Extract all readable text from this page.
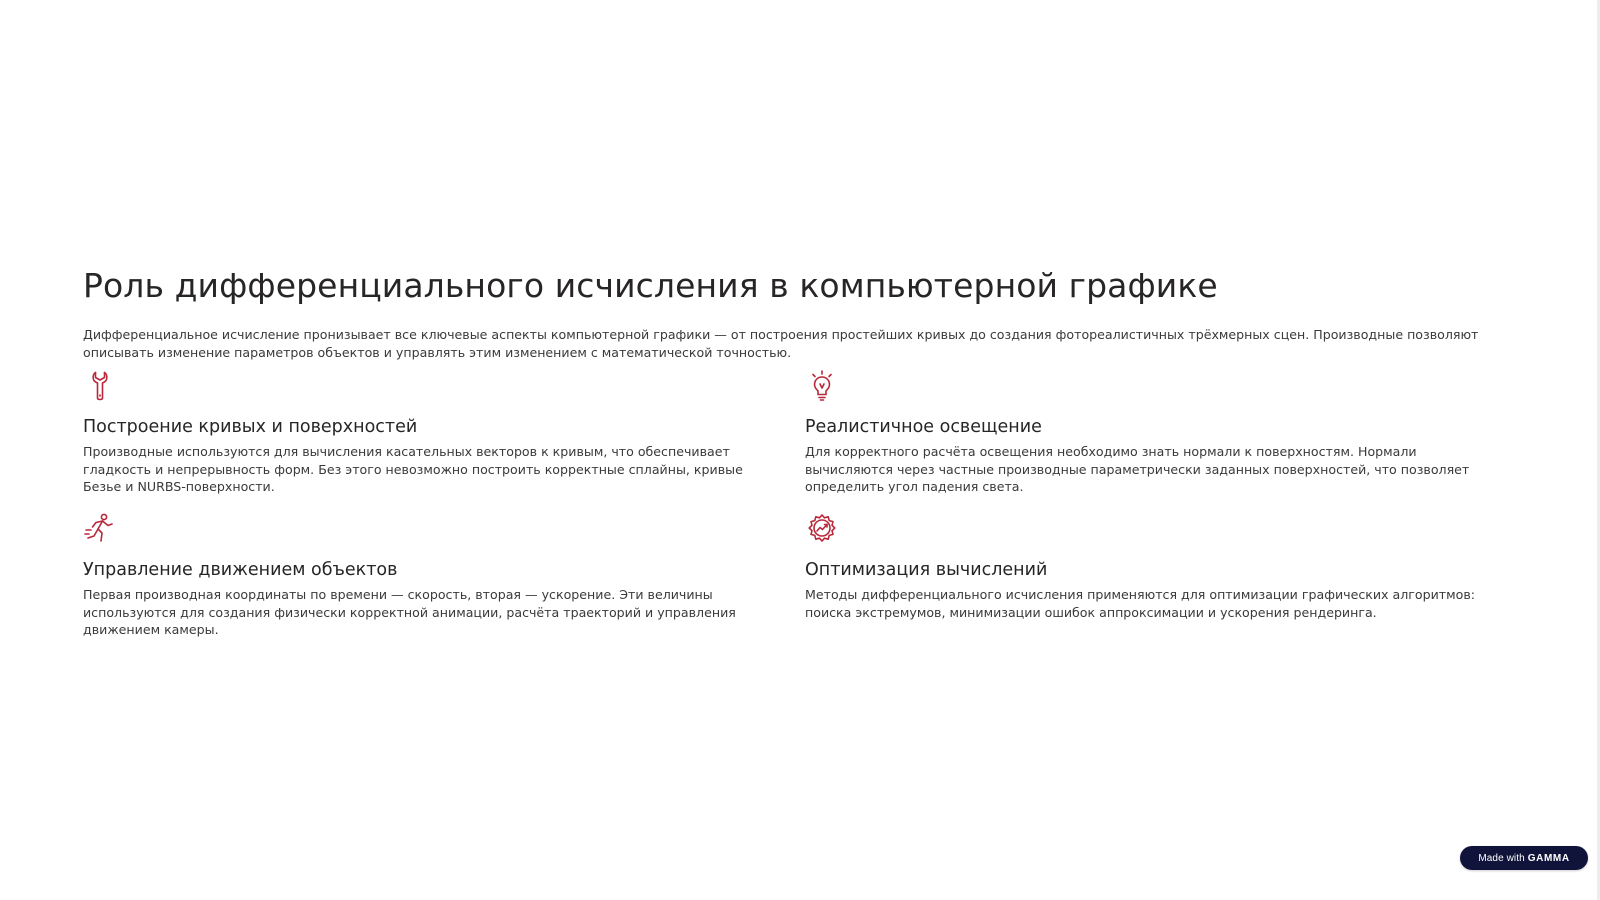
Роль дифференциального исчисления в компьютерной графике

Дифференциальное исчисление пронизывает все ключевые аспекты компьютерной графики — от построения простейших кривых до создания фотореалистичных трёхмерных сцен. Производные позволяют описывать изменение параметров объектов и управлять этим изменением с математической точностью.

Построение кривых и поверхностей

Производные используются для вычисления касательных векторов к кривым, что обеспечивает гладкость и непрерывность форм. Без этого невозможно построить корректные сплайны, кривые Безье и NURBS-поверхности.

Реалистичное освещение

Для корректного расчёта освещения необходимо знать нормали к поверхностям. Нормали вычисляются через частные производные параметрически заданных поверхностей, что позволяет определить угол падения света.

Управление движением объектов

Первая производная координаты по времени — скорость, вторая — ускорение. Эти величины используются для создания физически корректной анимации, расчёта траекторий и управления движением камеры.

Оптимизация вычислений

Методы дифференциального исчисления применяются для оптимизации графических алгоритмов: поиска экстремумов, минимизации ошибок аппроксимации и ускорения рендеринга.

Made with GAMMA
